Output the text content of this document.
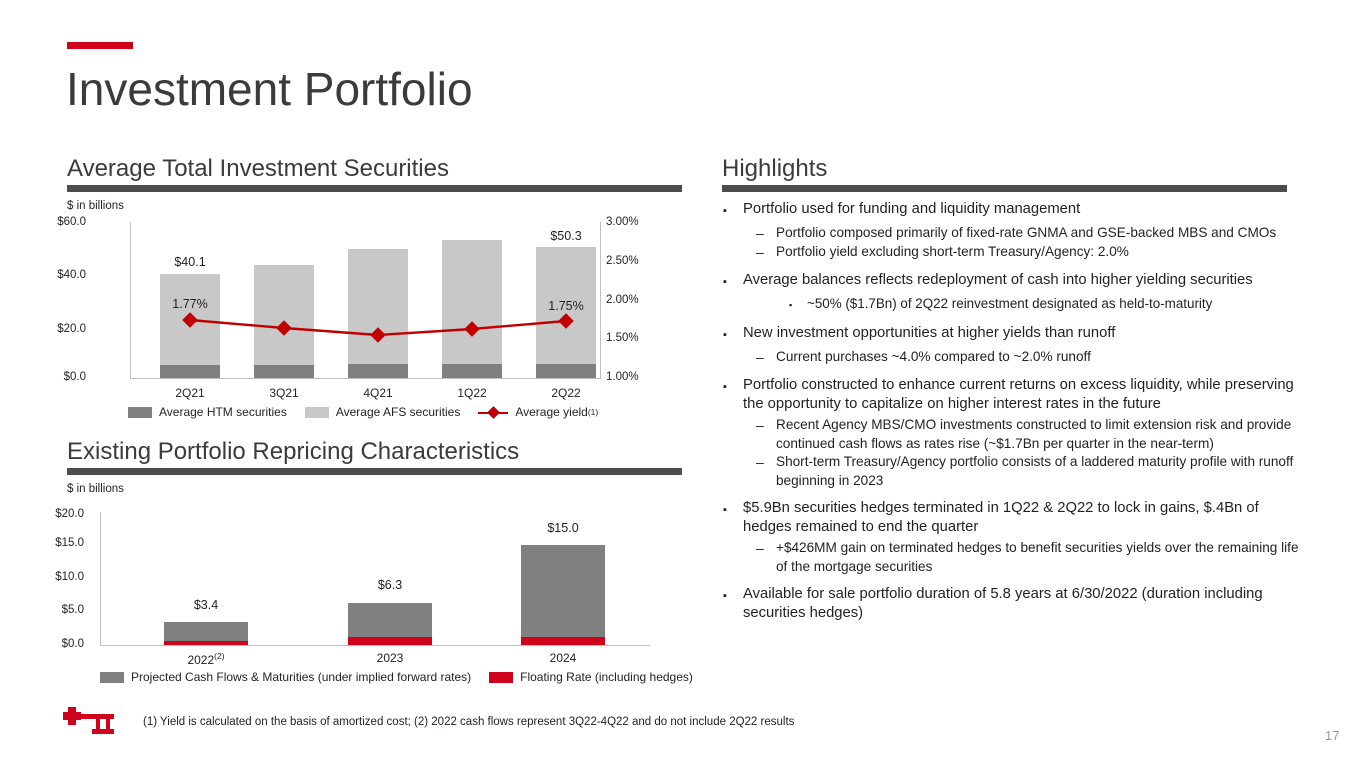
Investment Portfolio
Average Total Investment Securities
$ in billions
$0.0
$20.0
$40.0
$60.0
1.00%
1.50%
2.00%
2.50%
3.00%
$40.1
$50.3
1.77%	1.75%
2Q21	3Q21	4Q21	1Q22	2Q22
Average HTM securities	Average AFS securities	Average yield (1)
Existing Portfolio Repricing Characteristics
$ in billions
$0.0
$5.0
$10.0
$15.0
$20.0
$3.4
$6.3
$15.0
2022$^{(2)}$	2023	2024
Projected Cash Flows & Maturities (under implied forward rates)	Floating Rate (including hedges)
Highlights
▪	Portfolio used for funding and liquidity management
– Portfolio composed primarily of fixed-rate GNMA and GSE-backed MBS and CMOs
– Portfolio yield excluding short-term Treasury/Agency: 2.0%
▪	Average balances reflects redeployment of cash into higher yielding securities
▪	~50% ($1.7Bn) of 2Q22 reinvestment designated as held-to-maturity
▪	New investment opportunities at higher yields than runoff
– Current purchases ~4.0% compared to ~2.0% runoff
▪	Portfolio constructed to enhance current returns on excess liquidity, while preserving the opportunity to capitalize on higher interest rates in the future
– Recent Agency MBS/CMO investments constructed to limit extension risk and provide continued cash flows as rates rise (~$1.7Bn per quarter in the near-term)
– Short-term Treasury/Agency portfolio consists of a laddered maturity profile with runoff beginning in 2023
▪	$5.9Bn securities hedges terminated in 1Q22 & 2Q22 to lock in gains, $.4Bn of hedges remained to end the quarter
– +$426MM gain on terminated hedges to benefit securities yields over the remaining life of the mortgage securities
▪	Available for sale portfolio duration of 5.8 years at 6/30/2022 (duration including securities hedges)
(1) Yield is calculated on the basis of amortized cost; (2) 2022 cash flows represent 3Q22-4Q22 and do not include 2Q22 results
17
